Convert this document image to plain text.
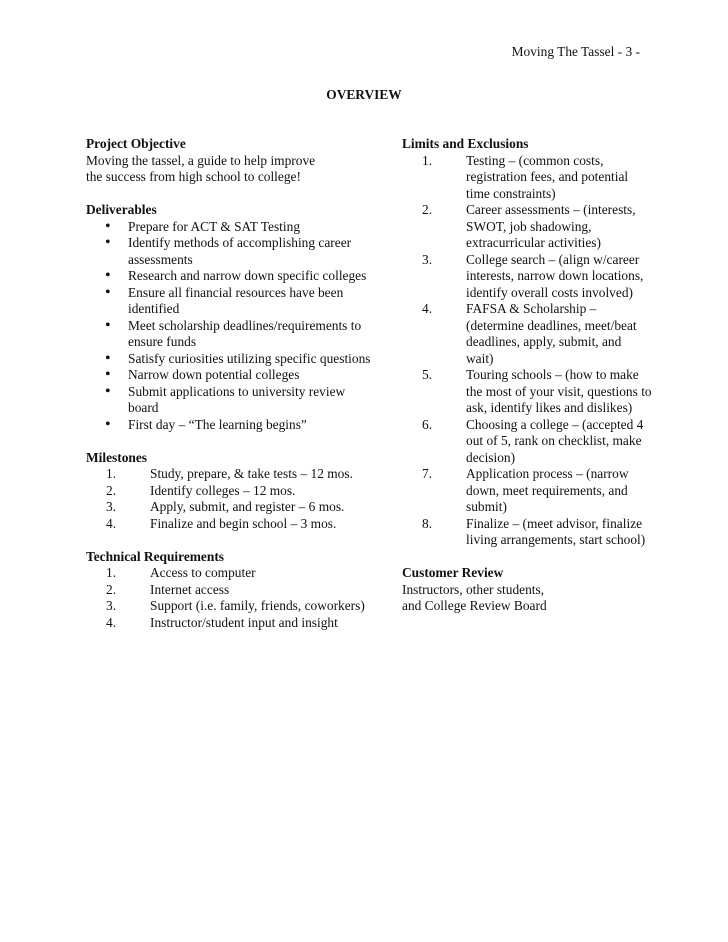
Moving The Tassel - 3 -
OVERVIEW
Project Objective
Moving the tassel, a guide to help improve
the success from high school to college!
Deliverables
• Prepare for ACT & SAT Testing
• Identify methods of accomplishing career assessments
• Research and narrow down specific colleges
• Ensure all financial resources have been identified
• Meet scholarship deadlines/requirements to ensure funds
• Satisfy curiosities utilizing specific questions
• Narrow down potential colleges
• Submit applications to university review board
• First day – “The learning begins”
Milestones
1.	Study, prepare, & take tests – 12 mos.
2.	Identify colleges – 12 mos.
3.	Apply, submit, and register – 6 mos.
4.	Finalize and begin school – 3 mos.
Technical Requirements
1.	Access to computer
2.	Internet access
3.	Support (i.e. family, friends, coworkers)
4.	Instructor/student input and insight
Limits and Exclusions
1.	Testing – (common costs, registration fees, and potential time constraints)
2.	Career assessments – (interests, SWOT, job shadowing, extracurricular activities)
3.	College search – (align w/career interests, narrow down locations, identify overall costs involved)
4.	FAFSA & Scholarship – (determine deadlines, meet/beat deadlines, apply, submit, and wait)
5.	Touring schools – (how to make the most of your visit, questions to ask, identify likes and dislikes)
6.	Choosing a college – (accepted 4 out of 5, rank on checklist, make decision)
7.	Application process – (narrow down, meet requirements, and submit)
8.	Finalize – (meet advisor, finalize living arrangements, start school)
Customer Review
Instructors, other students,
and College Review Board
